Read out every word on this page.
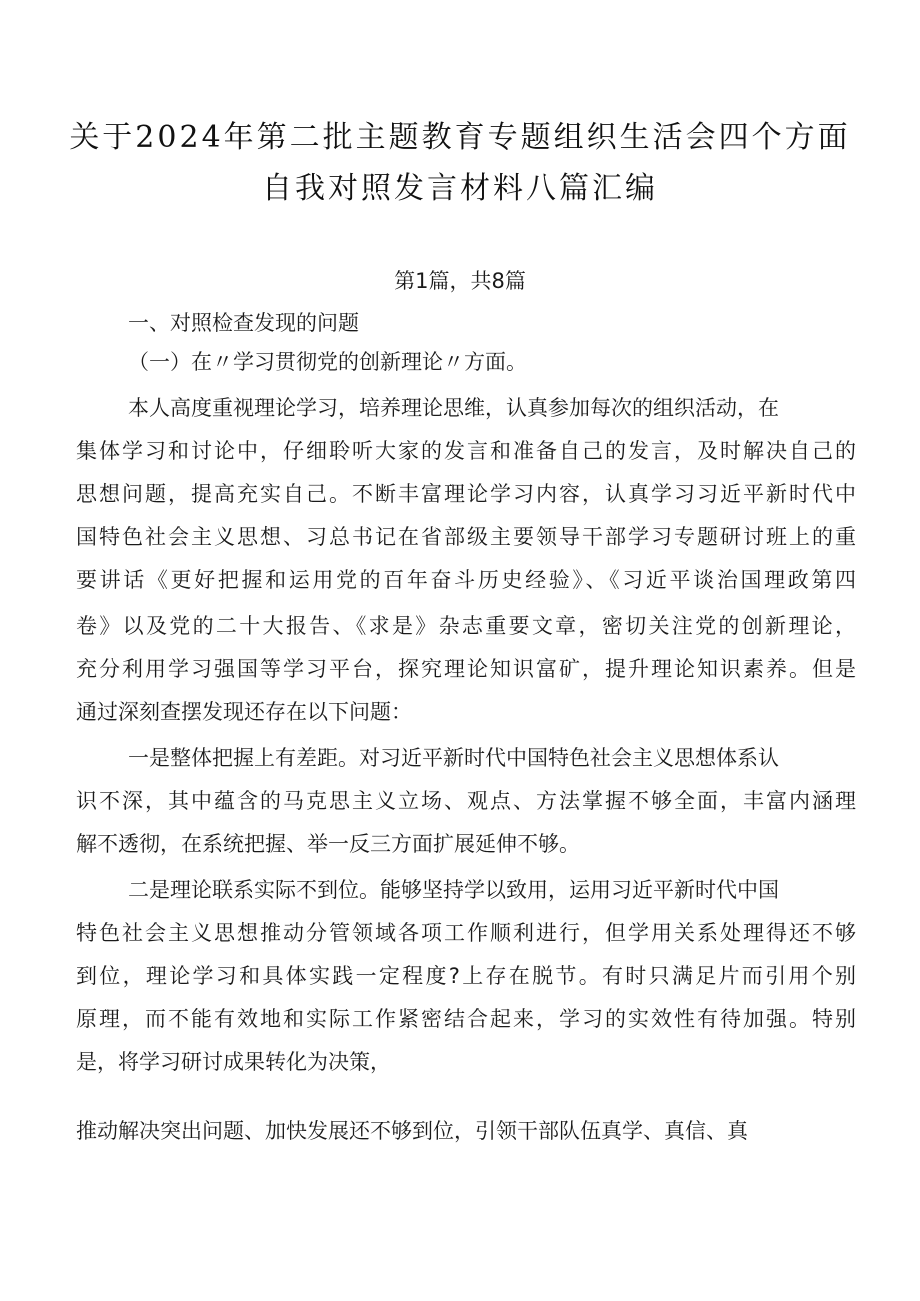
关于2024年第二批主题教育专题组织生活会四个方面
自我对照发言材料八篇汇编
第1篇，共8篇
一、对照检查发现的问题
（一）在〃学习贯彻党的创新理论〃方面。
本人高度重视理论学习，培养理论思维，认真参加每次的组织活动，在
集体学习和讨论中，仔细聆听大家的发言和准备自己的发言，及时解决自己的
思想问题，提高充实自己。不断丰富理论学习内容，认真学习习近平新时代中
国特色社会主义思想、习总书记在省部级主要领导干部学习专题研讨班上的重
要讲话《更好把握和运用党的百年奋斗历史经验》、《习近平谈治国理政第四
卷》以及党的二十大报告、《求是》杂志重要文章，密切关注党的创新理论，
充分利用学习强国等学习平台，探究理论知识富矿，提升理论知识素养。但是
通过深刻查摆发现还存在以下问题：
一是整体把握上有差距。对习近平新时代中国特色社会主义思想体系认
识不深，其中蕴含的马克思主义立场、观点、方法掌握不够全面，丰富内涵理
解不透彻，在系统把握、举一反三方面扩展延伸不够。
二是理论联系实际不到位。能够坚持学以致用，运用习近平新时代中国
特色社会主义思想推动分管领域各项工作顺利进行，但学用关系处理得还不够
到位，理论学习和具体实践一定程度?上存在脱节。有时只满足片而引用个别
原理，而不能有效地和实际工作紧密结合起来，学习的实效性有待加强。特别
是，将学习研讨成果转化为决策，
推动解决突出问题、加快发展还不够到位，引领干部队伍真学、真信、真
